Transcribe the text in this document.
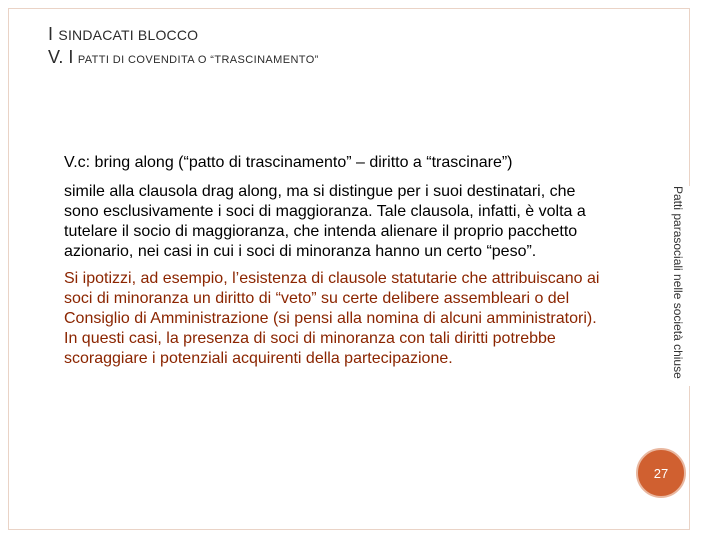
I SINDACATI BLOCCO
V. I PATTI DI COVENDITA O “TRASCINAMENTO”
V.c: bring along (“patto di trascinamento” – diritto a “trascinare”)

simile alla clausola drag along, ma si distingue per i suoi destinatari, che
sono esclusivamente i soci di maggioranza. Tale clausola, infatti, è volta a
tutelare il socio di maggioranza, che intenda alienare il proprio pacchetto
azionario, nei casi in cui i soci di minoranza hanno un certo “peso”.

Si ipotizzi, ad esempio, l’esistenza di clausole statutarie che attribuiscano ai
soci di minoranza un diritto di “veto” su certe delibere assembleari o del
Consiglio di Amministrazione (si pensi alla nomina di alcuni amministratori).
In questi casi, la presenza di soci di minoranza con tali diritti potrebbe
scoraggiare i potenziali acquirenti della partecipazione.	Patti parasociali nelle società chiuse
27
